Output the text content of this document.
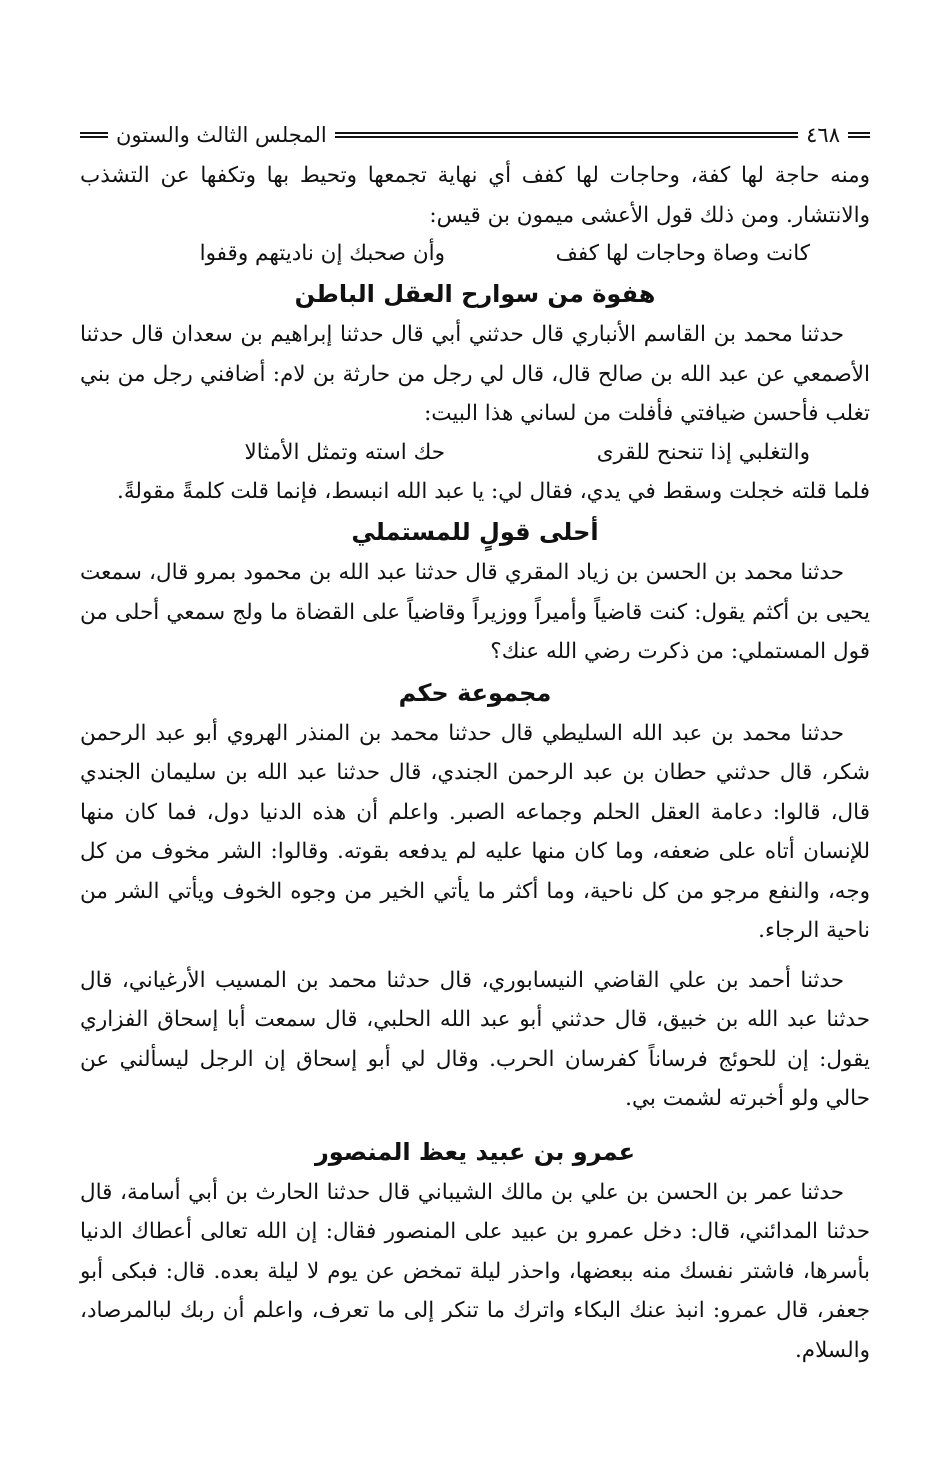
المجلس الثالث والستون	٤٦٨

ومنه حاجة لها كفة، وحاجات لها كفف أي نهاية تجمعها وتحيط بها وتكفها عن التشذب والانتشار. ومن ذلك قول الأعشى ميمون بن قيس:

كانت وصاة وحاجات لها كفف
وأن صحبك إن ناديتهم وقفوا
هفوة من سوارح العقل الباطن

حدثنا محمد بن القاسم الأنباري قال حدثني أبي قال حدثنا إبراهيم بن سعدان قال حدثنا الأصمعي عن عبد الله بن صالح قال، قال لي رجل من حارثة بن لام: أضافني رجل من بني تغلب فأحسن ضيافتي فأفلت من لساني هذا البيت:

والتغلبي إذا تنحنح للقرى
حك استه وتمثل الأمثالا

فلما قلته خجلت وسقط في يدي، فقال لي: يا عبد الله انبسط، فإنما قلت كلمةً مقولةً.

أحلى قولٍ للمستملي

حدثنا محمد بن الحسن بن زياد المقري قال حدثنا عبد الله بن محمود بمرو قال، سمعت يحيى بن أكثم يقول: كنت قاضياً وأميراً ووزيراً وقاضياً على القضاة ما ولج سمعي أحلى من قول المستملي: من ذكرت رضي الله عنك؟

مجموعة حكم

حدثنا محمد بن عبد الله السليطي قال حدثنا محمد بن المنذر الهروي أبو عبد الرحمن شكر، قال حدثني حطان بن عبد الرحمن الجندي، قال حدثنا عبد الله بن سليمان الجندي قال، قالوا: دعامة العقل الحلم وجماعه الصبر. واعلم أن هذه الدنيا دول، فما كان منها للإنسان أتاه على ضعفه، وما كان منها عليه لم يدفعه بقوته. وقالوا: الشر مخوف من كل وجه، والنفع مرجو من كل ناحية، وما أكثر ما يأتي الخير من وجوه الخوف ويأتي الشر من ناحية الرجاء.

حدثنا أحمد بن علي القاضي النيسابوري، قال حدثنا محمد بن المسيب الأرغياني، قال حدثنا عبد الله بن خبيق، قال حدثني أبو عبد الله الحلبي، قال سمعت أبا إسحاق الفزاري يقول: إن للحوئج فرساناً كفرسان الحرب. وقال لي أبو إسحاق إن الرجل ليسألني عن حالي ولو أخبرته لشمت بي.

عمرو بن عبيد يعظ المنصور

حدثنا عمر بن الحسن بن علي بن مالك الشيباني قال حدثنا الحارث بن أبي أسامة، قال حدثنا المدائني، قال: دخل عمرو بن عبيد على المنصور فقال: إن الله تعالى أعطاك الدنيا بأسرها، فاشتر نفسك منه ببعضها، واحذر ليلة تمخض عن يوم لا ليلة بعده. قال: فبكى أبو جعفر، قال عمرو: انبذ عنك البكاء واترك ما تنكر إلى ما تعرف، واعلم أن ربك لبالمرصاد، والسلام.
